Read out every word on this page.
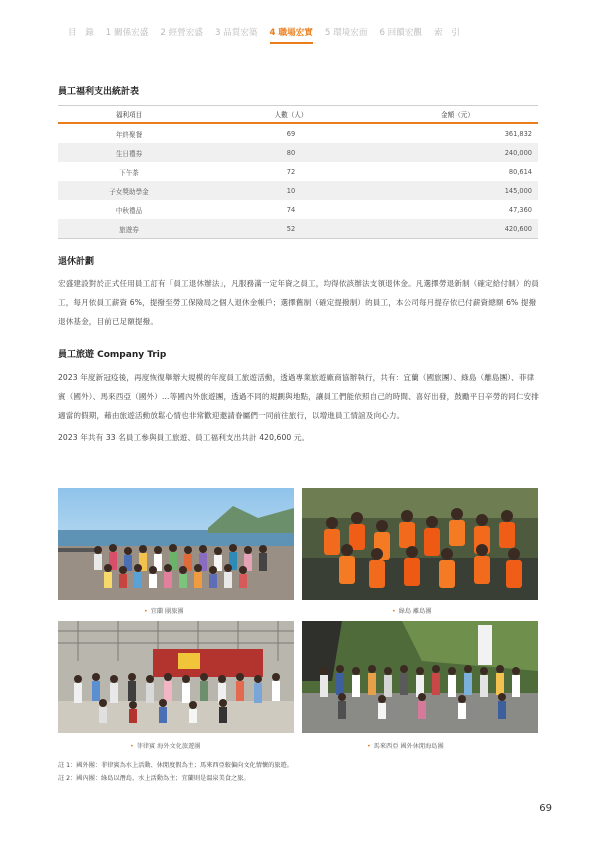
目　錄 1 關係宏盛 2 經營宏盛 3 品質宏築 4 職場宏實 5 環境宏面 6 回饋宏觀 索　引
員工福利支出統計表
福利項目	人數（人）	金額（元）
年終聚餐	69	361,832
生日禮券	80	240,000
下午茶	72	80,614
子女獎助學金	10	145,000
中秋禮品	74	47,360
旅遊券	52	420,600
退休計劃
宏盛建設對於正式任用員工訂有「員工退休辦法」，凡服務滿一定年資之員工，均得依該辦法支領退休金。凡選擇勞退新制（確定給付制）的員工，每月依員工薪資 6%，提撥至勞工保險局之個人退休金帳戶；選擇舊制（確定提撥制）的員工，本公司每月提存依已付薪資總額 6% 提撥退休基金，目前已足額提撥。
員工旅遊 Company Trip
2023 年度新冠疫後，再度恢復舉辦大規模的年度員工旅遊活動，透過專業旅遊廠商協辦執行，共有：宜蘭（國旅團）、綠島（離島團）、菲律賓（國外）、馬來西亞（國外）…等國內外旅遊團，透過不同的規劃與地點，讓員工們能依照自己的時間、喜好出發，鼓勵平日辛勞的同仁安排適當的假期，藉由旅遊活動放鬆心情也非常歡迎邀請眷屬們一同前往旅行，以增進員工情誼及向心力。
2023 年共有 33 名員工參與員工旅遊、員工福利支出共計 420,600 元。
• 宜蘭 團旅團	• 綠島 離島團
• 菲律賓 海外文化旅遊團	• 馬來西亞 國外休閒海島團
註 1：國外團：菲律賓為水上活動、休閒度假為主；馬來西亞較偏向文化情懷的旅遊。
註 2：國內團：綠島以潛島、水上活動為主；宜蘭則是溫泉美食之旅。
69
